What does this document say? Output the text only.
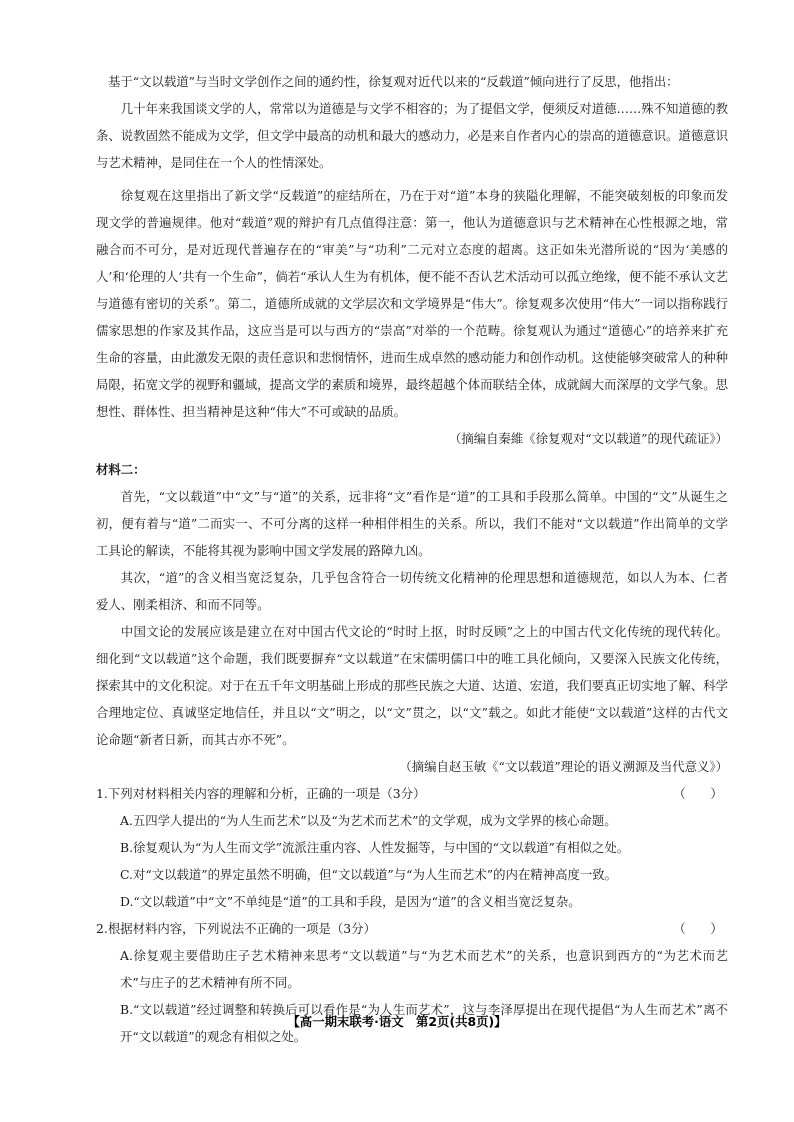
基于“文以载道”与当时文学创作之间的通约性，徐复观对近代以来的“反载道”倾向进行了反思，他指出：

几十年来我国谈文学的人，常常以为道德是与文学不相容的；为了提倡文学，便须反对道德……殊不知道德的教条、说教固然不能成为文学，但文学中最高的动机和最大的感动力，必是来自作者内心的崇高的道德意识。道德意识与艺术精神，是同住在一个人的性情深处。

徐复观在这里指出了新文学“反载道”的症结所在，乃在于对“道”本身的狭隘化理解，不能突破刻板的印象而发现文学的普遍规律。他对“载道”观的辩护有几点值得注意：第一，他认为道德意识与艺术精神在心性根源之地，常融合而不可分，是对近现代普遍存在的“审美”与“功利”二元对立态度的超离。这正如朱光潜所说的“因为‘美感的人’和‘伦理的人’共有一个生命”，倘若“承认人生为有机体，便不能不否认艺术活动可以孤立绝缘，便不能不承认文艺与道德有密切的关系”。第二，道德所成就的文学层次和文学境界是“伟大”。徐复观多次使用“伟大”一词以指称践行儒家思想的作家及其作品，这应当是可以与西方的“崇高”对举的一个范畴。徐复观认为通过“道德心”的培养来扩充生命的容量，由此激发无限的责任意识和悲悯情怀，进而生成卓然的感动能力和创作动机。这使能够突破常人的种种局限，拓宽文学的视野和疆域，提高文学的素质和境界，最终超越个体而联结全体，成就阔大而深厚的文学气象。思想性、群体性、担当精神是这种“伟大”不可或缺的品质。

（摘编自秦維《徐复观对“文以载道”的现代疏证》）

材料二：

首先，“文以载道”中“文”与“道”的关系，远非将“文”看作是“道”的工具和手段那么简单。中国的“文”从诞生之初，便有着与“道”二而实一、不可分离的这样一种相伴相生的关系。所以，我们不能对“文以载道”作出简单的文学工具论的解读，不能将其视为影响中国文学发展的路障九凶。

其次，“道”的含义相当宽泛复杂，几乎包含符合一切传统文化精神的伦理思想和道德规范，如以人为本、仁者爱人、刚柔相济、和而不同等。

中国文论的发展应该是建立在对中国古代文论的“时时上抠，时时反顾”之上的中国古代文化传统的现代转化。细化到“文以载道”这个命题，我们既要摒弃“文以载道”在宋儒明儒口中的唯工具化倾向，又要深入民族文化传统，探索其中的文化积淀。对于在五千年文明基础上形成的那些民族之大道、达道、宏道，我们要真正切实地了解、科学合理地定位、真诚坚定地信任，并且以“文”明之，以“文”贯之，以“文”载之。如此才能使“文以载道”这样的古代文论命题“新者日新，而其古亦不死”。

（摘编自赵玉敏《“文以载道”理论的语义溯源及当代意义》）

1.下列对材料相关内容的理解和分析，正确的一项是（3分）	（　　）

A.五四学人提出的“为人生而艺术”以及“为艺术而艺术”的文学观，成为文学界的核心命题。

B.徐复观认为“为人生而文学”流派注重内容、人性发掘等，与中国的“文以载道”有相似之处。

C.对“文以载道”的界定虽然不明确，但“文以载道”与“为人生而艺术”的内在精神高度一致。

D.“文以载道”中“文”不单纯是“道”的工具和手段，是因为“道”的含义相当宽泛复杂。

2.根据材料内容，下列说法不正确的一项是（3分）	（　　）

A.徐复观主要借助庄子艺术精神来思考“文以载道”与“为艺术而艺术”的关系，也意识到西方的“为艺术而艺术”与庄子的艺术精神有所不同。

B.“文以载道”经过调整和转换后可以看作是“为人生而艺术”，这与李泽厚提出在现代提倡“为人生而艺术”离不开“文以载道”的观念有相似之处。

【高一期末联考·语文　第2页(共8页)】
